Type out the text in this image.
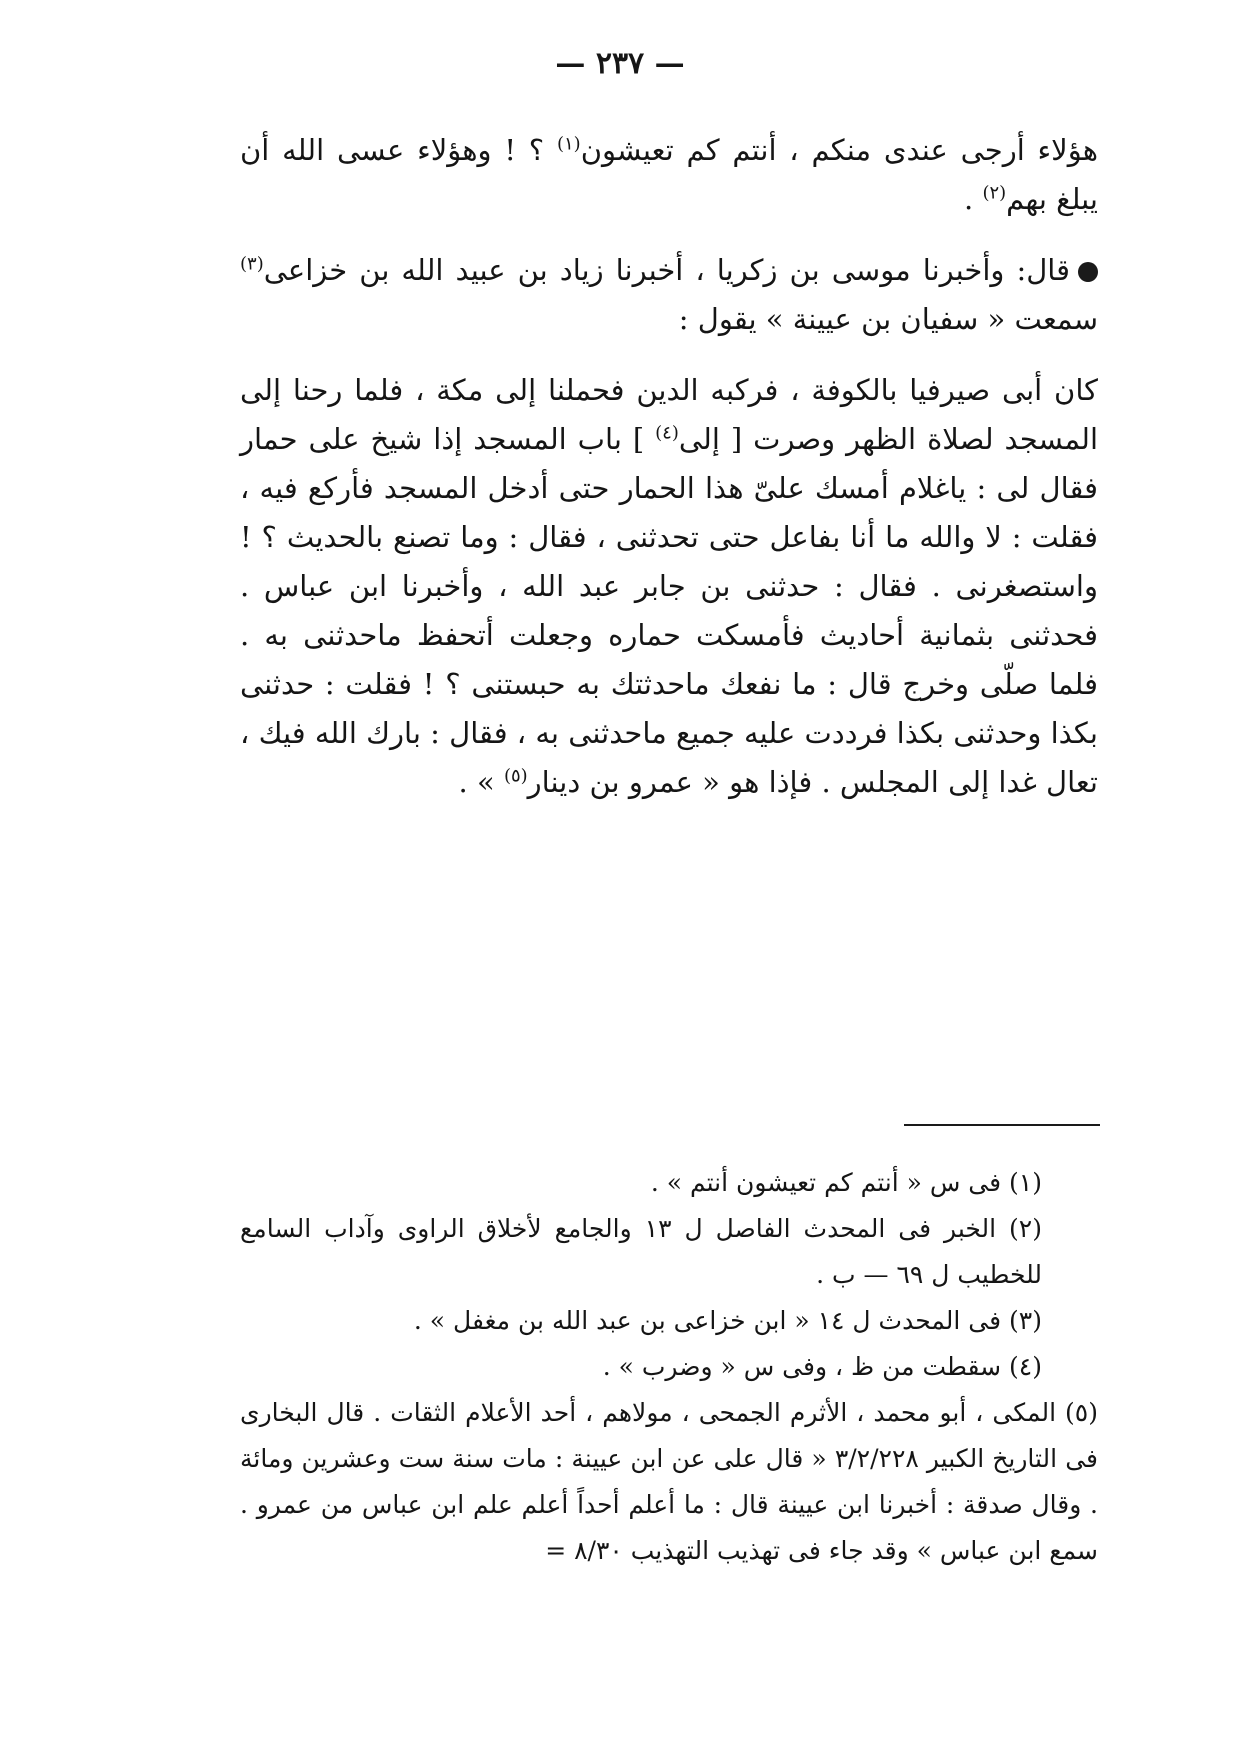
— ٢٣٧ —

هؤلاء أرجى عندى منكم ، أنتم كم تعيشون$^{(١)}$ ؟ ! وهؤلاء عسى الله أن يبلغ بهم$^{(٢)}$ .

قال: وأخبرنا موسى بن زكريا ، أخبرنا زياد بن عبيد الله بن خزاعى$^{(٣)}$ سمعت « سفيان بن عيينة » يقول :

كان أبى صيرفيا بالكوفة ، فركبه الدين فحملنا إلى مكة ، فلما رحنا إلى المسجد لصلاة الظهر وصرت [ إلى$^{(٤)}$ ] باب المسجد إذا شيخ على حمار فقال لى : ياغلام أمسك علىّ هذا الحمار حتى أدخل المسجد فأركع فيه ، فقلت : لا والله ما أنا بفاعل حتى تحدثنى ، فقال : وما تصنع بالحديث ؟ ! واستصغرنى . فقال : حدثنى بن جابر عبد الله ، وأخبرنا ابن عباس . فحدثنى بثمانية أحاديث فأمسكت حماره وجعلت أتحفظ ماحدثنى به . فلما صلّى وخرج قال : ما نفعك ماحدثتك به حبستنى ؟ ! فقلت : حدثنى بكذا وحدثنى بكذا فرددت عليه جميع ماحدثنى به ، فقال : بارك الله فيك ، تعال غدا إلى المجلس . فإذا هو « عمرو بن دينار$^{(٥)}$ » .

(١) فى س « أنتم كم تعيشون أنتم » .

(٢) الخبر فى المحدث الفاصل ل ١٣ والجامع لأخلاق الراوى وآداب السامع للخطيب ل ٦٩ — ب .

(٣) فى المحدث ل ١٤ « ابن خزاعى بن عبد الله بن مغفل » .

(٤) سقطت من ظ ، وفى س « وضرب » .

(٥) المكى ، أبو محمد ، الأثرم الجمحى ، مولاهم ، أحد الأعلام الثقات . قال البخارى فى التاريخ الكبير ٣/٢/٢٢٨ « قال على عن ابن عيينة : مات سنة ست وعشرين ومائة . وقال صدقة : أخبرنا ابن عيينة قال : ما أعلم أحداً أعلم علم ابن عباس من عمرو . سمع ابن عباس » وقد جاء فى تهذيب التهذيب ٨/٣٠ =
